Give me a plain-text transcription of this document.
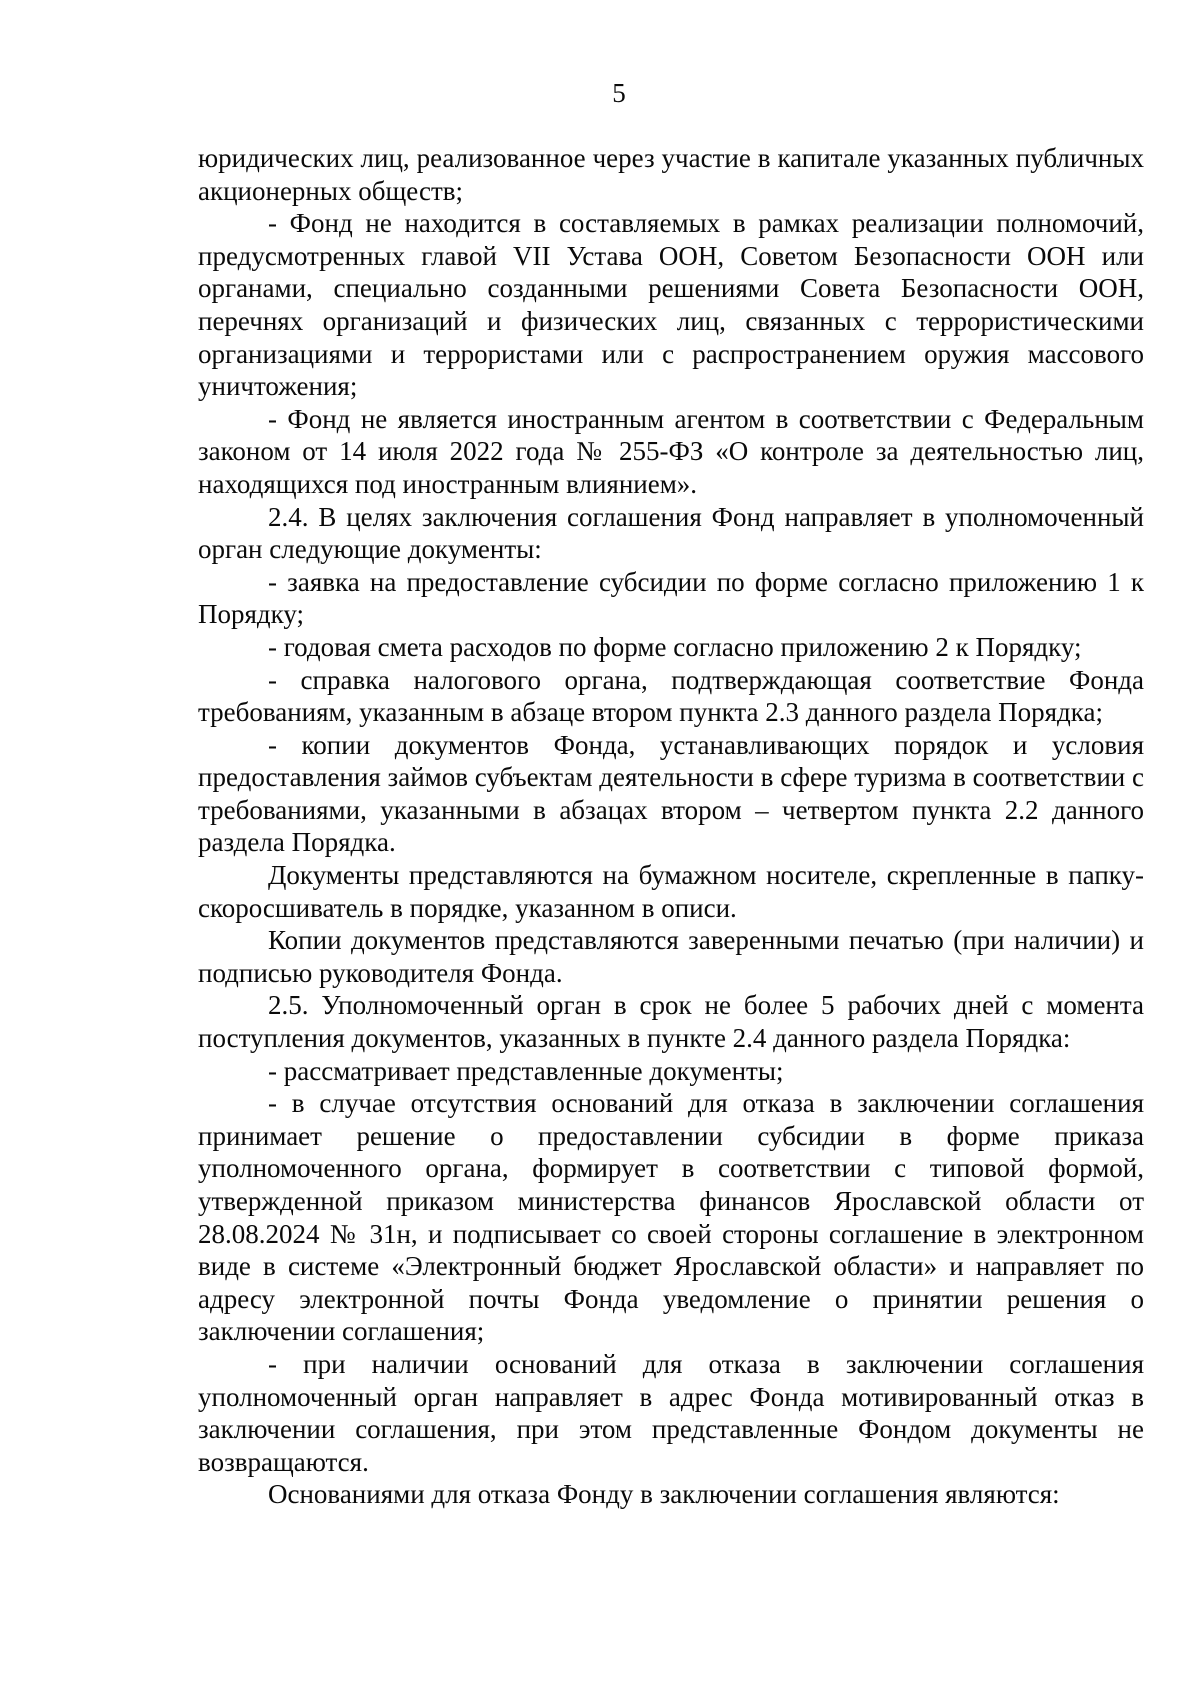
5

юридических лиц, реализованное через участие в капитале указанных публичных акционерных обществ;

- Фонд не находится в составляемых в рамках реализации полномочий, предусмотренных главой VII Устава ООН, Советом Безопасности ООН или органами, специально созданными решениями Совета Безопасности ООН, перечнях организаций и физических лиц, связанных с террористическими организациями и террористами или с распространением оружия массового уничтожения;

- Фонд не является иностранным агентом в соответствии с Федеральным законом от 14 июля 2022 года № 255-ФЗ «О контроле за деятельностью лиц, находящихся под иностранным влиянием».

2.4. В целях заключения соглашения Фонд направляет в уполномоченный орган следующие документы:

- заявка на предоставление субсидии по форме согласно приложению 1 к Порядку;

- годовая смета расходов по форме согласно приложению 2 к Порядку;

- справка налогового органа, подтверждающая соответствие Фонда требованиям, указанным в абзаце втором пункта 2.3 данного раздела Порядка;

- копии документов Фонда, устанавливающих порядок и условия предоставления займов субъектам деятельности в сфере туризма в соответствии с требованиями, указанными в абзацах втором – четвертом пункта 2.2 данного раздела Порядка.

Документы представляются на бумажном носителе, скрепленные в папку-скоросшиватель в порядке, указанном в описи.

Копии документов представляются заверенными печатью (при наличии) и подписью руководителя Фонда.

2.5. Уполномоченный орган в срок не более 5 рабочих дней с момента поступления документов, указанных в пункте 2.4 данного раздела Порядка:

- рассматривает представленные документы;

- в случае отсутствия оснований для отказа в заключении соглашения принимает решение о предоставлении субсидии в форме приказа уполномоченного органа, формирует в соответствии с типовой формой, утвержденной приказом министерства финансов Ярославской области от 28.08.2024 № 31н, и подписывает со своей стороны соглашение в электронном виде в системе «Электронный бюджет Ярославской области» и направляет по адресу электронной почты Фонда уведомление о принятии решения о заключении соглашения;

- при наличии оснований для отказа в заключении соглашения уполномоченный орган направляет в адрес Фонда мотивированный отказ в заключении соглашения, при этом представленные Фондом документы не возвращаются.

Основаниями для отказа Фонду в заключении соглашения являются:
